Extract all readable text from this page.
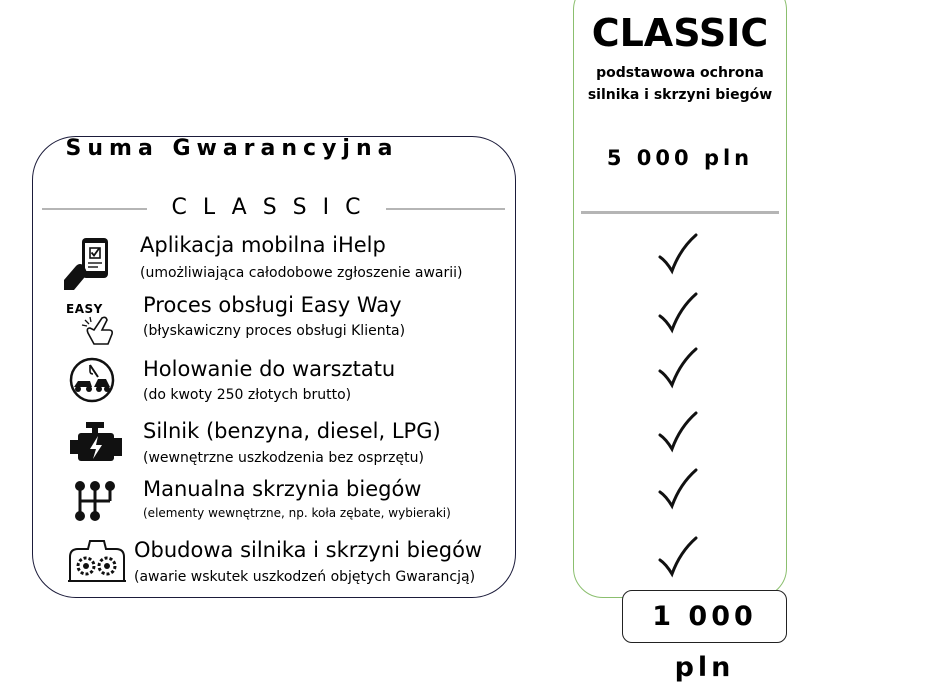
Suma Gwarancyjna
CLASSIC
Aplikacja mobilna iHelp
(umożliwiająca całodobowe zgłoszenie awarii)
EASY	Proces obsługi Easy Way
(błyskawiczny proces obsługi Klienta)
Holowanie do warsztatu
(do kwoty 250 złotych brutto)
Silnik (benzyna, diesel, LPG)
(wewnętrzne uszkodzenia bez osprzętu)
Manualna skrzynia biegów
(elementy wewnętrzne, np. koła zębate, wybieraki)
Obudowa silnika i skrzyni biegów
(awarie wskutek uszkodzeń objętych Gwarancją)
CLASSIC
podstawowa ochrona
silnika i skrzyni biegów
5 000 pln
1 000 pln
